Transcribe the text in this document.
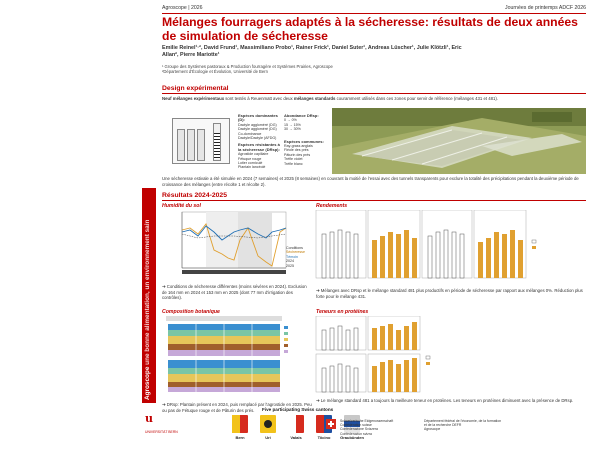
Agroscope | 2026	Journées de printemps ADCF 2026
Mélanges fourragers adaptés à la sécheresse: résultats de deux années de simulation de sécheresse
Emilie Reinel¹·², David Frund¹, Massimiliano Probo¹, Rainer Frick¹, Daniel Suter¹, Andreas Lüscher¹, Julie Klötzli¹, Eric Allan², Pierre Mariotte¹
¹ Groupe des Systèmes pastoraux & Production fourragère et Systèmes Prairies, Agroscope
²Département d’Écologie et Évolution, Université de Bern
Design expérimental
Neuf mélanges expérimentaux sont testés à Reuenmatt avec deux mélanges standards couramment utilisés dans ces zones pour servir de référence (mélanges 431 et 481).
Espèces dominantes (D):
Dactyle aggloméré (DG)
Dactyle aggloméré (DG)
Co-dominance
Dactyle/Dactyle (AFDG)
Espèces résistantes à la sécheresse (DRsp):
Agrostide capillaire
Fétuque rouge
Lotier corniculé
Plantain lancéolé
Abondance DRsp:
0 → 0%
15 → 15%
30 → 30%
Espèces communes:
Ray-grass anglais
Fléole des prés
Pâturin des prés
Trèfle violet
Trèfle blanc
Une sécheresse estivale a été simulée en 2024 (7 semaines) et 2025 (8 semaines) en couvrant la moitié de l’essai avec des tunnels transparents pour exclure la totalité des précipitations pendant la deuxième période de croissance des mélanges (entre récolte 1 et récolte 2).
Résultats 2024-2025
Humidité du sol
Conditions
Sécheresse
Témoin
2024
2025
➔ Conditions de sécheresse différentes (moins sévères en 2024). Exclusion de 164 mm en 2024 et 153 mm en 2025 (dont 77 mm d’irrigation des contrôles).
Composition botanique
➔ DRsp: Plantain présent en 2024, puis remplacé par l’agrostide en 2025. Peu ou pas de Fétuque rouge et de Pâturin des prés.
Rendements
➔ Mélanges avec DRsp et le mélange standard 481 plus productifs en période de sécheresse par rapport aux mélanges 0%. Réduction plus forte pour le mélange 431.
Teneurs en protéines
➔ Le mélange standard 481 a toujours la meilleure teneur en protéines. Les teneurs en protéines diminuent avec la présence de DRsp.
Agroscope une bonne alimentation, un environnement sain
u
UNIVERSITÄT BERN
Five participating Swiss cantons
Bern	Uri	Valais	Tiicino	Graubünden
Schweizerische Eidgenossenschaft
Confédération suisse
Confederazione Svizzera
Confederaziun svizra
Département fédéral de l’économie, de la formation
et de la recherche DEFR
Agroscope
